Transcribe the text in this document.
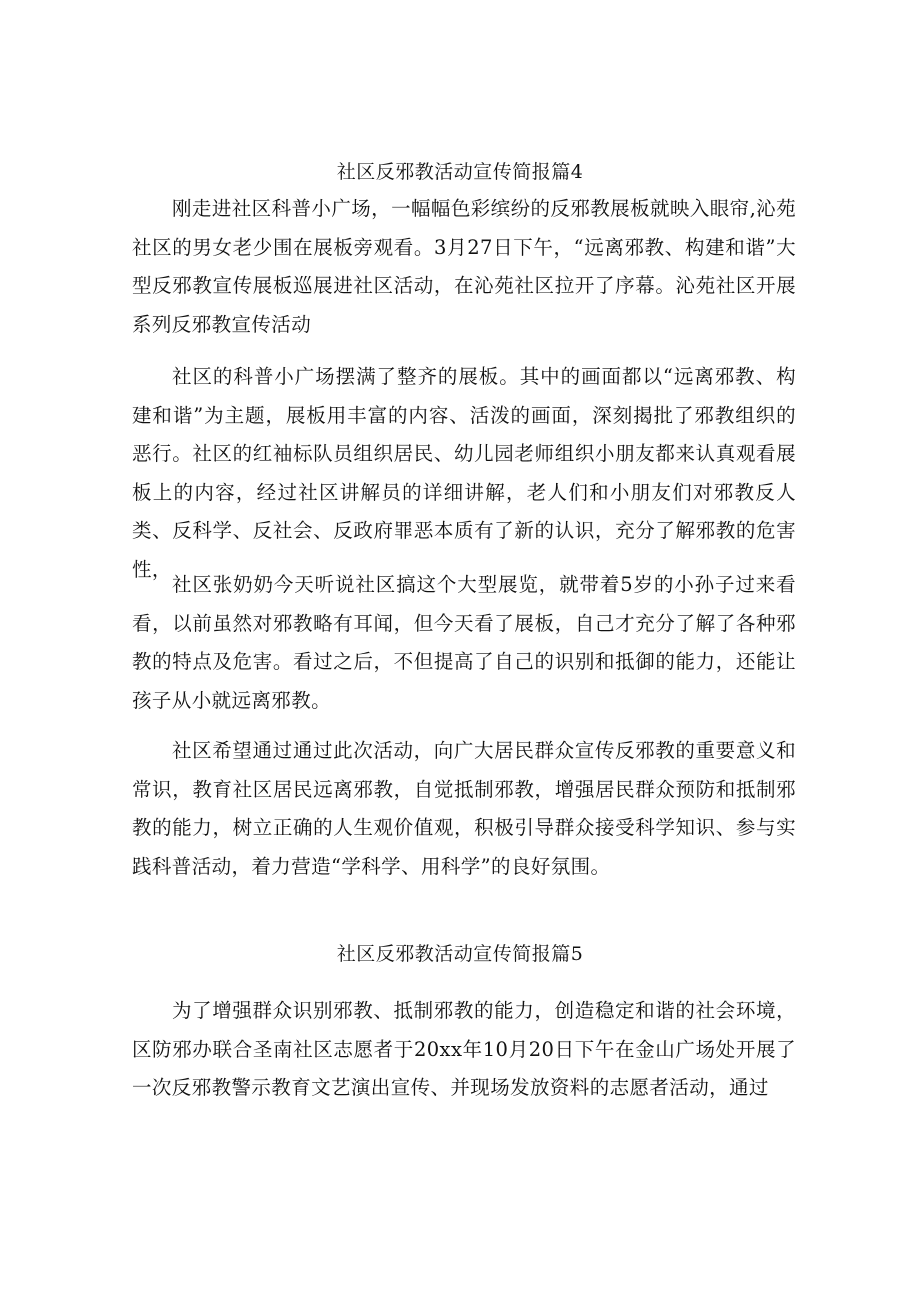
社区反邪教活动宣传简报篇4

刚走进社区科普小广场，一幅幅色彩缤纷的反邪教展板就映入眼帘,沁苑社区的男女老少围在展板旁观看。3月27日下午，“远离邪教、构建和谐”大型反邪教宣传展板巡展进社区活动，在沁苑社区拉开了序幕。沁苑社区开展系列反邪教宣传活动

社区的科普小广场摆满了整齐的展板。其中的画面都以“远离邪教、构建和谐”为主题，展板用丰富的内容、活泼的画面，深刻揭批了邪教组织的恶行。社区的红袖标队员组织居民、幼儿园老师组织小朋友都来认真观看展板上的内容，经过社区讲解员的详细讲解，老人们和小朋友们对邪教反人类、反科学、反社会、反政府罪恶本质有了新的认识，充分了解邪教的危害性，

社区张奶奶今天听说社区搞这个大型展览，就带着5岁的小孙子过来看看，以前虽然对邪教略有耳闻，但今天看了展板，自己才充分了解了各种邪教的特点及危害。看过之后，不但提高了自己的识别和抵御的能力，还能让孩子从小就远离邪教。

社区希望通过通过此次活动，向广大居民群众宣传反邪教的重要意义和常识，教育社区居民远离邪教，自觉抵制邪教，增强居民群众预防和抵制邪教的能力，树立正确的人生观价值观，积极引导群众接受科学知识、参与实践科普活动，着力营造“学科学、用科学”的良好氛围。

社区反邪教活动宣传简报篇5

为了增强群众识别邪教、抵制邪教的能力，创造稳定和谐的社会环境，区防邪办联合圣南社区志愿者于20xx年10月20日下午在金山广场处开展了一次反邪教警示教育文艺演出宣传、并现场发放资料的志愿者活动，通过
